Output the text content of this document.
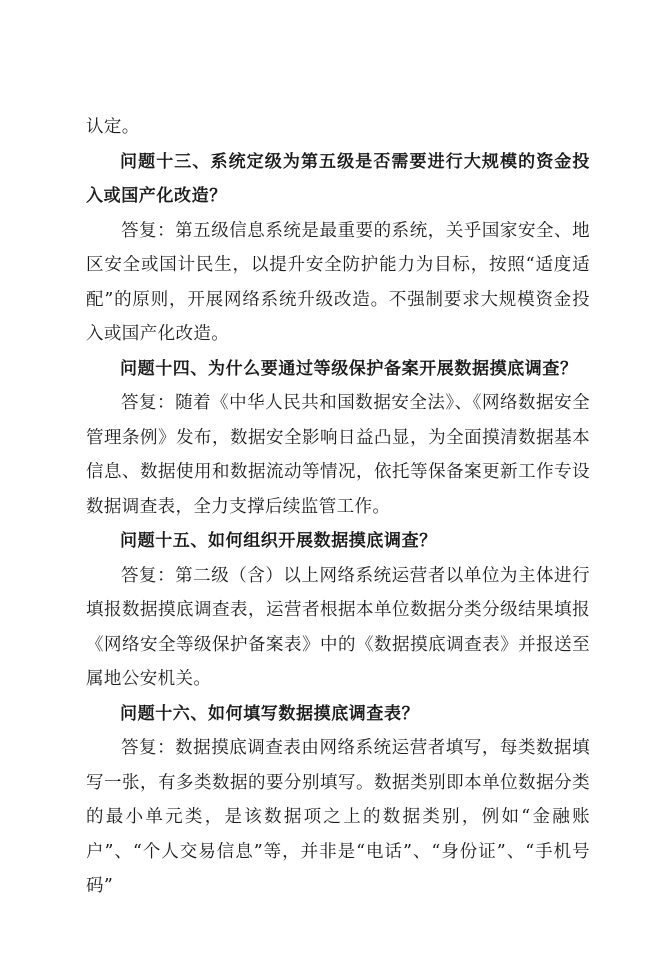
认定。

问题十三、系统定级为第五级是否需要进行大规模的资金投入或国产化改造？

答复：第五级信息系统是最重要的系统，关乎国家安全、地区安全或国计民生，以提升安全防护能力为目标，按照“适度适配”的原则，开展网络系统升级改造。不强制要求大规模资金投入或国产化改造。

问题十四、为什么要通过等级保护备案开展数据摸底调查？

答复：随着《中华人民共和国数据安全法》、《网络数据安全管理条例》发布，数据安全影响日益凸显，为全面摸清数据基本信息、数据使用和数据流动等情况，依托等保备案更新工作专设数据调查表，全力支撑后续监管工作。

问题十五、如何组织开展数据摸底调查？

答复：第二级（含）以上网络系统运营者以单位为主体进行填报数据摸底调查表，运营者根据本单位数据分类分级结果填报《网络安全等级保护备案表》中的《数据摸底调查表》并报送至属地公安机关。

问题十六、如何填写数据摸底调查表？

答复：数据摸底调查表由网络系统运营者填写，每类数据填写一张，有多类数据的要分别填写。数据类别即本单位数据分类的最小单元类，是该数据项之上的数据类别，例如“金融账户”、“个人交易信息”等，并非是“电话”、“身份证”、“手机号码”
